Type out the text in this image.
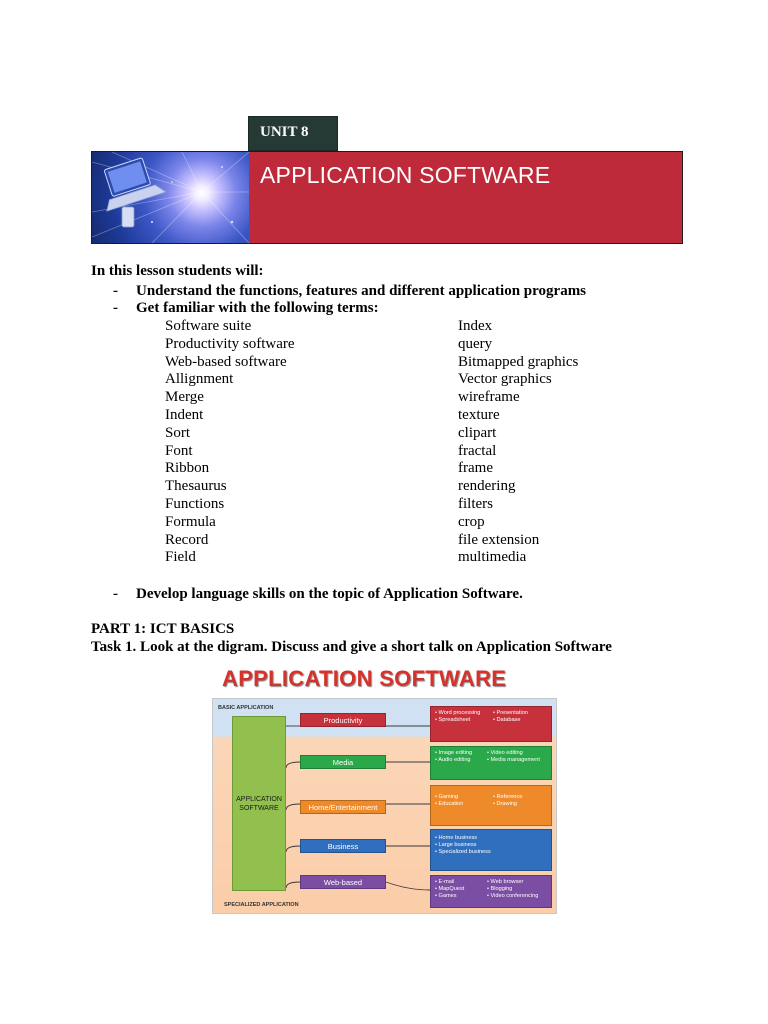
UNIT 8
APPLICATION SOFTWARE
In this lesson students will:
- Understand the functions, features and different application programs
- Get familiar with the following terms:
Software suite
Productivity software
Web-based software
Allignment
Merge
Indent
Sort
Font
Ribbon
Thesaurus
Functions
Formula
Record
Field
Index
query
Bitmapped graphics
Vector graphics
wireframe
texture
clipart
fractal
frame
rendering
filters
crop
file extension
multimedia
- Develop language skills on the topic of Application Software.
PART 1: ICT BASICS
Task 1. Look at the digram. Discuss and give a short talk on Application Software
APPLICATION SOFTWARE
BASIC APPLICATION
SPECIALIZED APPLICATION
APPLICATION
SOFTWARE
Productivity
Media
Home/Entertainment
Business
Web-based
• Word processing
• Spreadsheet
• Presentation
• Database
• Image editing
• Audio editing
• Video editing
• Media management
• Gaming
• Education
• Reference
• Drawing
• Home business
• Large business
• Specialized business
• E-mail
• MapQuest
• Games
• Web browser
• Blogging
• Video conferencing
